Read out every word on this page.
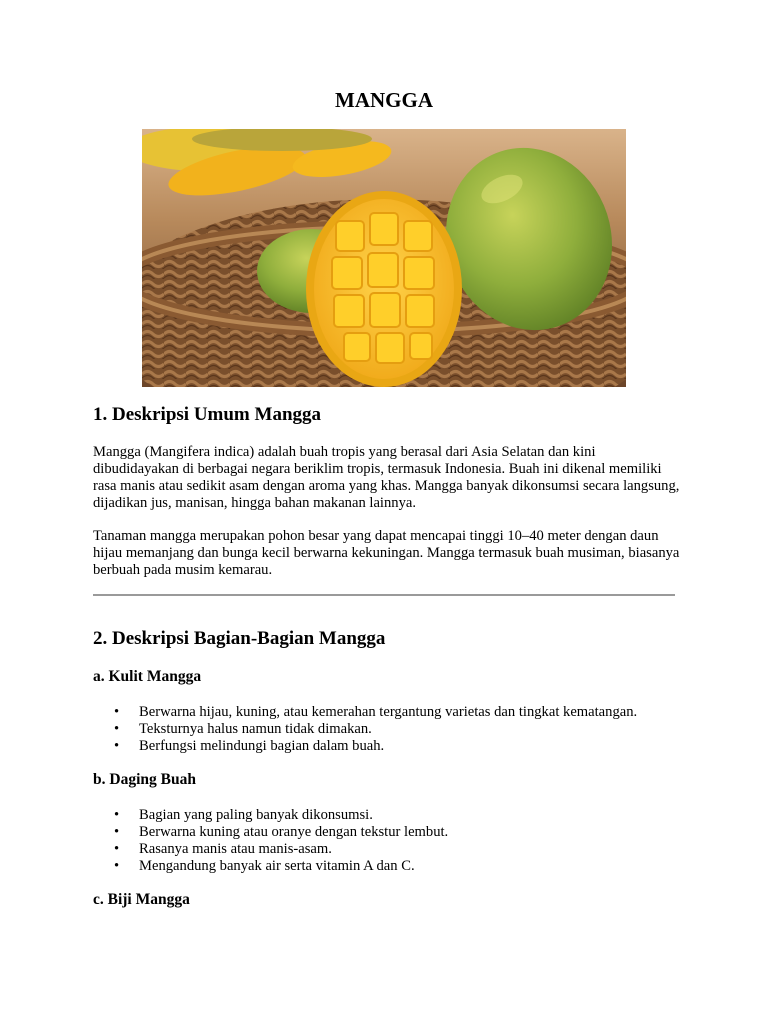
MANGGA
1. Deskripsi Umum Mangga

Mangga (Mangifera indica) adalah buah tropis yang berasal dari Asia Selatan dan kini dibudidayakan di berbagai negara beriklim tropis, termasuk Indonesia. Buah ini dikenal memiliki rasa manis atau sedikit asam dengan aroma yang khas. Mangga banyak dikonsumsi secara langsung, dijadikan jus, manisan, hingga bahan makanan lainnya.

Tanaman mangga merupakan pohon besar yang dapat mencapai tinggi 10–40 meter dengan daun hijau memanjang dan bunga kecil berwarna kekuningan. Mangga termasuk buah musiman, biasanya berbuah pada musim kemarau.

2. Deskripsi Bagian-Bagian Mangga
a. Kulit Mangga
• Berwarna hijau, kuning, atau kemerahan tergantung varietas dan tingkat kematangan.
• Teksturnya halus namun tidak dimakan.
• Berfungsi melindungi bagian dalam buah.
b. Daging Buah
• Bagian yang paling banyak dikonsumsi.
• Berwarna kuning atau oranye dengan tekstur lembut.
• Rasanya manis atau manis-asam.
• Mengandung banyak air serta vitamin A dan C.
c. Biji Mangga
